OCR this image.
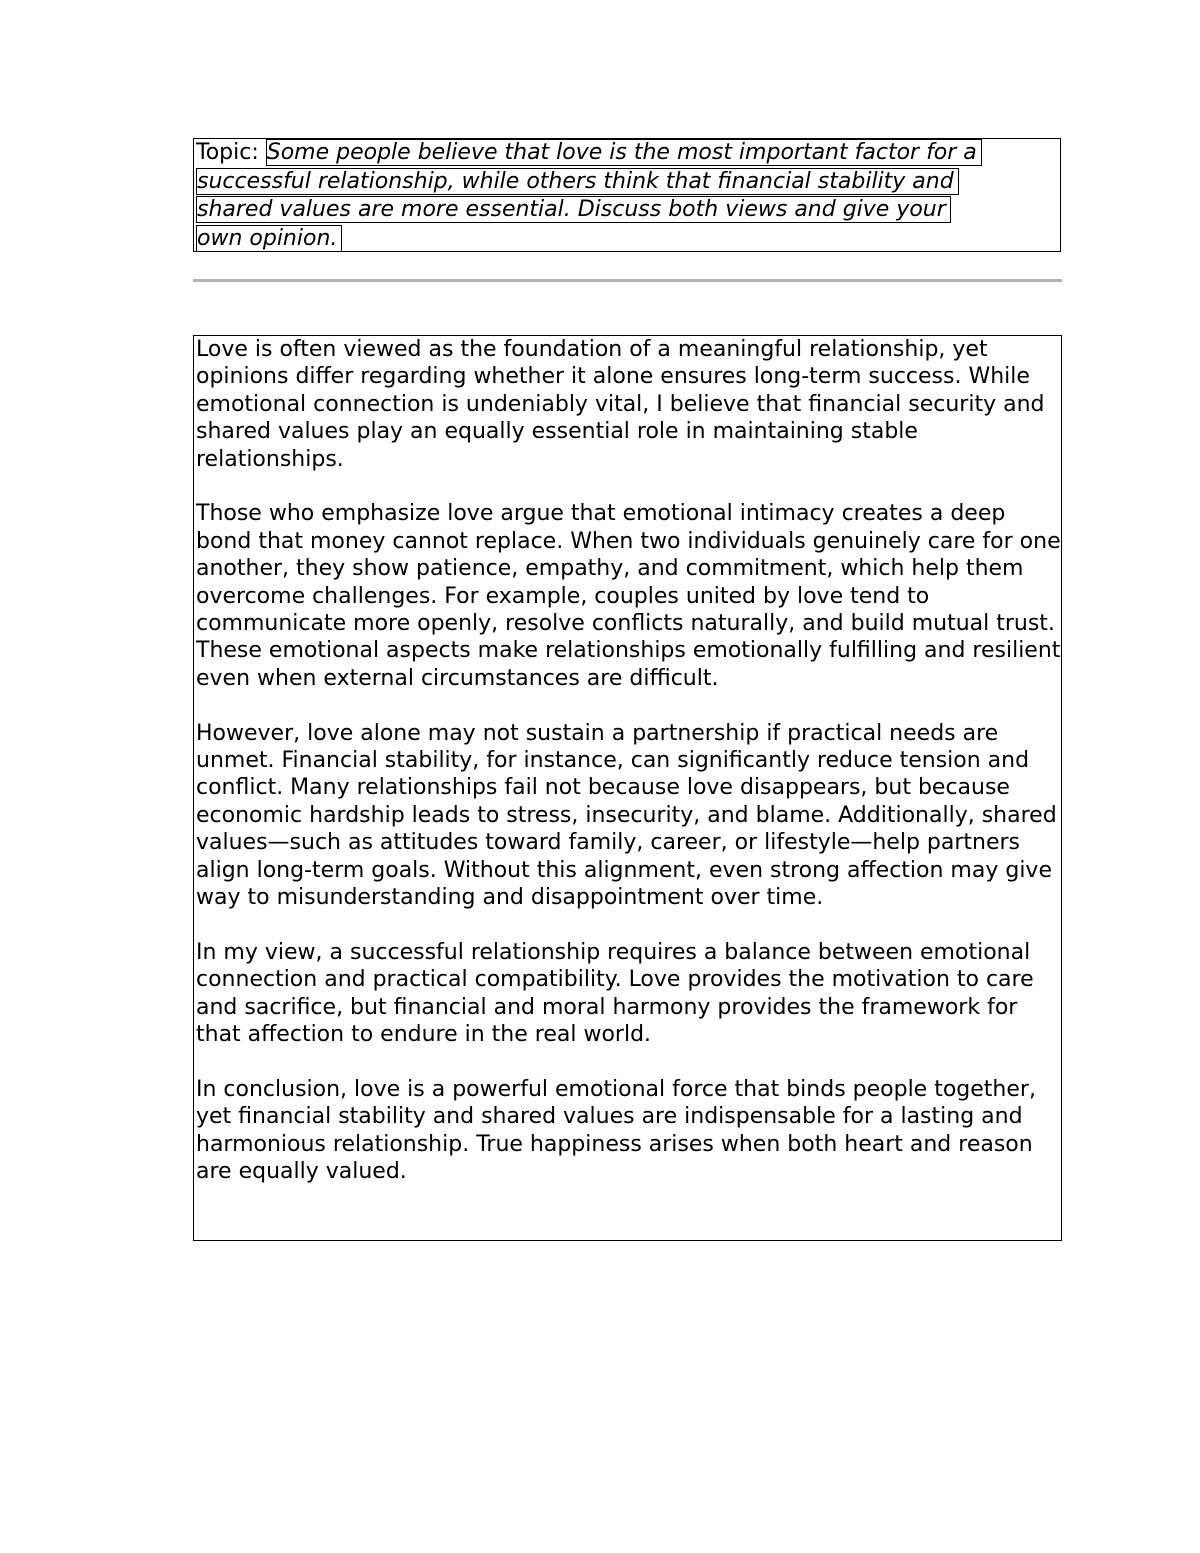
Topic: Some people believe that love is the most important factor for a
successful relationship, while others think that financial stability and
shared values are more essential. Discuss both views and give your
own opinion.

Love is often viewed as the foundation of a meaningful relationship, yet opinions differ regarding whether it alone ensures long-term success. While emotional connection is undeniably vital, I believe that financial security and shared values play an equally essential role in maintaining stable relationships.

Those who emphasize love argue that emotional intimacy creates a deep bond that money cannot replace. When two individuals genuinely care for one another, they show patience, empathy, and commitment, which help them overcome challenges. For example, couples united by love tend to communicate more openly, resolve conflicts naturally, and build mutual trust. These emotional aspects make relationships emotionally fulfilling and resilient even when external circumstances are difficult.

However, love alone may not sustain a partnership if practical needs are unmet. Financial stability, for instance, can significantly reduce tension and conflict. Many relationships fail not because love disappears, but because economic hardship leads to stress, insecurity, and blame. Additionally, shared values—such as attitudes toward family, career, or lifestyle—help partners align long-term goals. Without this alignment, even strong affection may give way to misunderstanding and disappointment over time.

In my view, a successful relationship requires a balance between emotional connection and practical compatibility. Love provides the motivation to care and sacrifice, but financial and moral harmony provides the framework for that affection to endure in the real world.

In conclusion, love is a powerful emotional force that binds people together, yet financial stability and shared values are indispensable for a lasting and harmonious relationship. True happiness arises when both heart and reason are equally valued.
